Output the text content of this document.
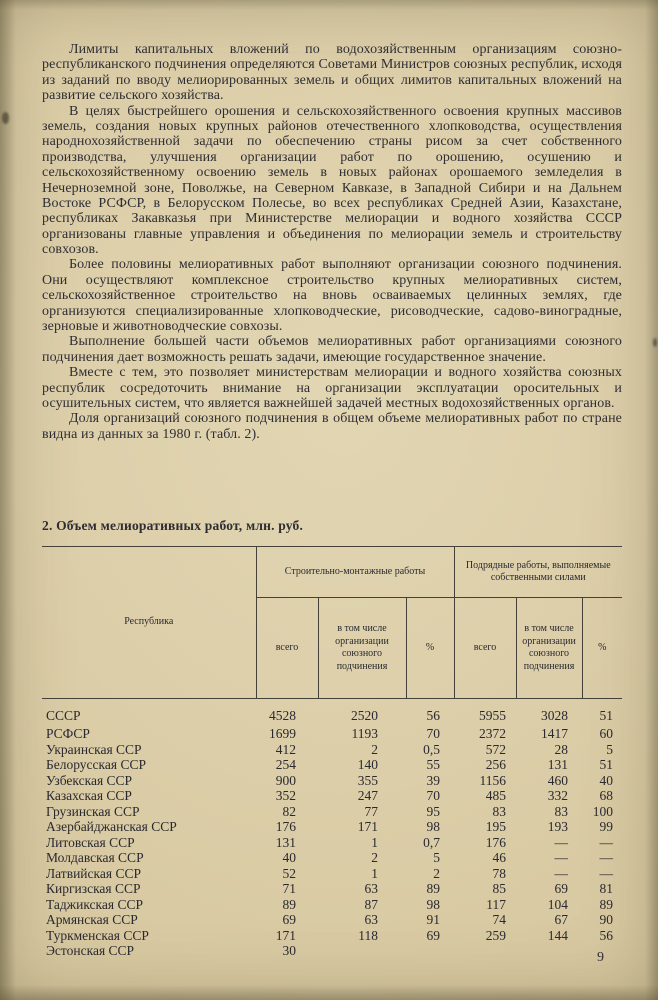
Лимиты капитальных вложений по водохозяйственным организациям союзно-республиканского подчинения определяются Советами Министров союзных республик, исходя из заданий по вводу мелиорированных земель и общих лимитов капитальных вложений на развитие сельского хозяйства.

В целях быстрейшего орошения и сельскохозяйственного освоения крупных массивов земель, создания новых крупных районов отечественного хлопководства, осуществления народнохозяйственной задачи по обеспечению страны рисом за счет собственного производства, улучшения организации работ по орошению, осушению и сельскохозяйственному освоению земель в новых районах орошаемого земледелия в Нечерноземной зоне, Поволжье, на Северном Кавказе, в Западной Сибири и на Дальнем Востоке РСФСР, в Белорусском Полесье, во всех республиках Средней Азии, Казахстане, республиках Закавказья при Министерстве мелиорации и водного хозяйства СССР организованы главные управления и объединения по мелиорации земель и строительству совхозов.

Более половины мелиоративных работ выполняют организации союзного подчинения. Они осуществляют комплексное строительство крупных мелиоративных систем, сельскохозяйственное строительство на вновь осваиваемых целинных землях, где организуются специализированные хлопководческие, рисоводческие, садово-виноградные, зерновые и животноводческие совхозы.

Выполнение большей части объемов мелиоративных работ организациями союзного подчинения дает возможность решать задачи, имеющие государственное значение.

Вместе с тем, это позволяет министерствам мелиорации и водного хозяйства союзных республик сосредоточить внимание на организации эксплуатации оросительных и осушительных систем, что является важнейшей задачей местных водохозяйственных органов.

Доля организаций союзного подчинения в общем объеме мелиоративных работ по стране видна из данных за 1980 г. (табл. 2).

2. Объем мелиоративных работ, млн. руб.
Республика	Строительно-монтажные работы			Подрядные работы, выполняемые собственными силами		
	всего	в том числе организации союзного подчинения	%	всего	в том числе организации союзного подчинения	%
СССР	4528	2520	56	5955	3028	51
РСФСР	1699	1193	70	2372	1417	60
Украинская ССР	412	2	0,5	572	28	5
Белорусская ССР	254	140	55	256	131	51
Узбекская ССР	900	355	39	1156	460	40
Казахская ССР	352	247	70	485	332	68
Грузинская ССР	82	77	95	83	83	100
Азербайджанская ССР	176	171	98	195	193	99
Литовская ССР	131	1	0,7	176	—	—
Молдавская ССР	40	2	5	46	—	—
Латвийская ССР	52	1	2	78	—	—
Киргизская ССР	71	63	89	85	69	81
Таджикская ССР	89	87	98	117	104	89
Армянская ССР	69	63	91	74	67	90
Туркменская ССР	171	118	69	259	144	56
Эстонская ССР	30						9
